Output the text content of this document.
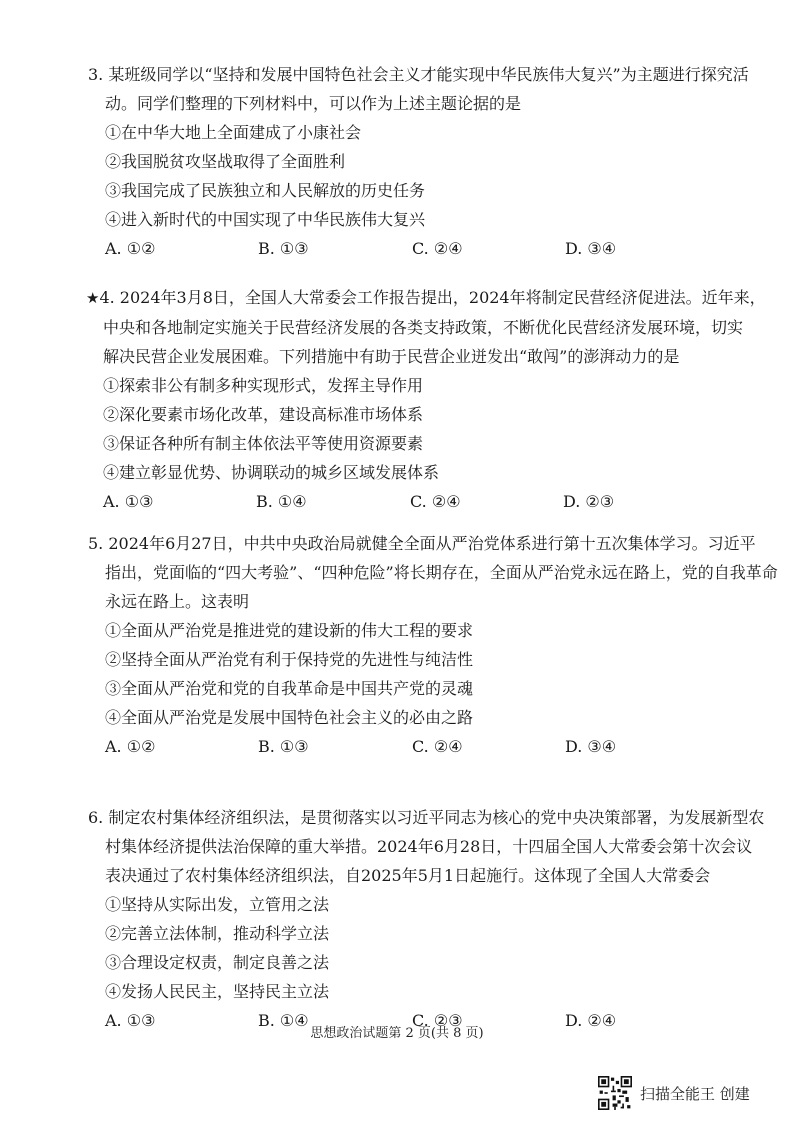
3. 某班级同学以“坚持和发展中国特色社会主义才能实现中华民族伟大复兴”为主题进行探究活
动。同学们整理的下列材料中，可以作为上述主题论据的是
①在中华大地上全面建成了小康社会
②我国脱贫攻坚战取得了全面胜利
③我国完成了民族独立和人民解放的历史任务
④进入新时代的中国实现了中华民族伟大复兴
A. ①②	B. ①③	C. ②④	D. ③④
★4. 2024年3月8日，全国人大常委会工作报告提出，2024年将制定民营经济促进法。近年来，
中央和各地制定实施关于民营经济发展的各类支持政策，不断优化民营经济发展环境，切实
解决民营企业发展困难。下列措施中有助于民营企业迸发出“敢闯”的澎湃动力的是
①探索非公有制多种实现形式，发挥主导作用
②深化要素市场化改革，建设高标准市场体系
③保证各种所有制主体依法平等使用资源要素
④建立彰显优势、协调联动的城乡区域发展体系
A. ①③	B. ①④	C. ②④	D. ②③
5. 2024年6月27日，中共中央政治局就健全全面从严治党体系进行第十五次集体学习。习近平
指出，党面临的“四大考验”、“四种危险”将长期存在，全面从严治党永远在路上，党的自我革命
永远在路上。这表明
①全面从严治党是推进党的建设新的伟大工程的要求
②坚持全面从严治党有利于保持党的先进性与纯洁性
③全面从严治党和党的自我革命是中国共产党的灵魂
④全面从严治党是发展中国特色社会主义的必由之路
A. ①②	B. ①③	C. ②④	D. ③④
6. 制定农村集体经济组织法，是贯彻落实以习近平同志为核心的党中央决策部署，为发展新型农
村集体经济提供法治保障的重大举措。2024年6月28日，十四届全国人大常委会第十次会议
表决通过了农村集体经济组织法，自2025年5月1日起施行。这体现了全国人大常委会
①坚持从实际出发，立管用之法
②完善立法体制，推动科学立法
③合理设定权责，制定良善之法
④发扬人民民主，坚持民主立法
A. ①③	B. ①④	C. ②③	D. ②④
思想政治试题第 2 页(共 8 页)
扫描全能王 创建
